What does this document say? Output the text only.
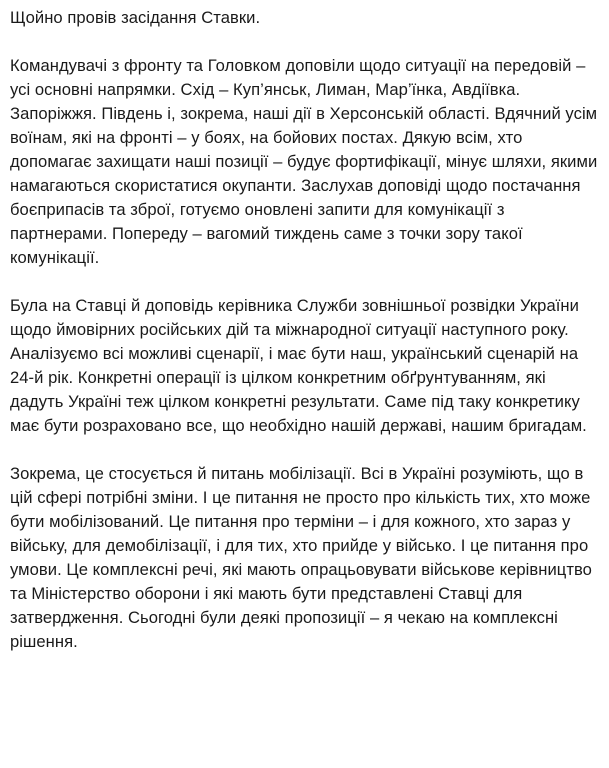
Щойно провів засідання Ставки.

Командувачі з фронту та Головком доповіли щодо ситуації на передовій – усі основні напрямки. Схід – Куп’янськ, Лиман, Мар’їнка, Авдіївка. Запоріжжя. Південь і, зокрема, наші дії в Херсонській області. Вдячний усім воїнам, які на фронті – у боях, на бойових постах. Дякую всім, хто допомагає захищати наші позиції – будує фортифікації, мінує шляхи, якими намагаються скористатися окупанти. Заслухав доповіді щодо постачання боєприпасів та зброї, готуємо оновлені запити для комунікації з партнерами. Попереду – вагомий тиждень саме з точки зору такої комунікації.

Була на Ставці й доповідь керівника Служби зовнішньої розвідки України щодо ймовірних російських дій та міжнародної ситуації наступного року. Аналізуємо всі можливі сценарії, і має бути наш, український сценарій на 24-й рік. Конкретні операції із цілком конкретним обґрунтуванням, які дадуть Україні теж цілком конкретні результати. Саме під таку конкретику має бути розраховано все, що необхідно нашій державі, нашим бригадам.

Зокрема, це стосується й питань мобілізації. Всі в Україні розуміють, що в цій сфері потрібні зміни. І це питання не просто про кількість тих, хто може бути мобілізований. Це питання про терміни – і для кожного, хто зараз у війську, для демобілізації, і для тих, хто прийде у військо. І це питання про умови. Це комплексні речі, які мають опрацьовувати військове керівництво та Міністерство оборони і які мають бути представлені Ставці для затвердження. Сьогодні були деякі пропозиції – я чекаю на комплексні рішення.
